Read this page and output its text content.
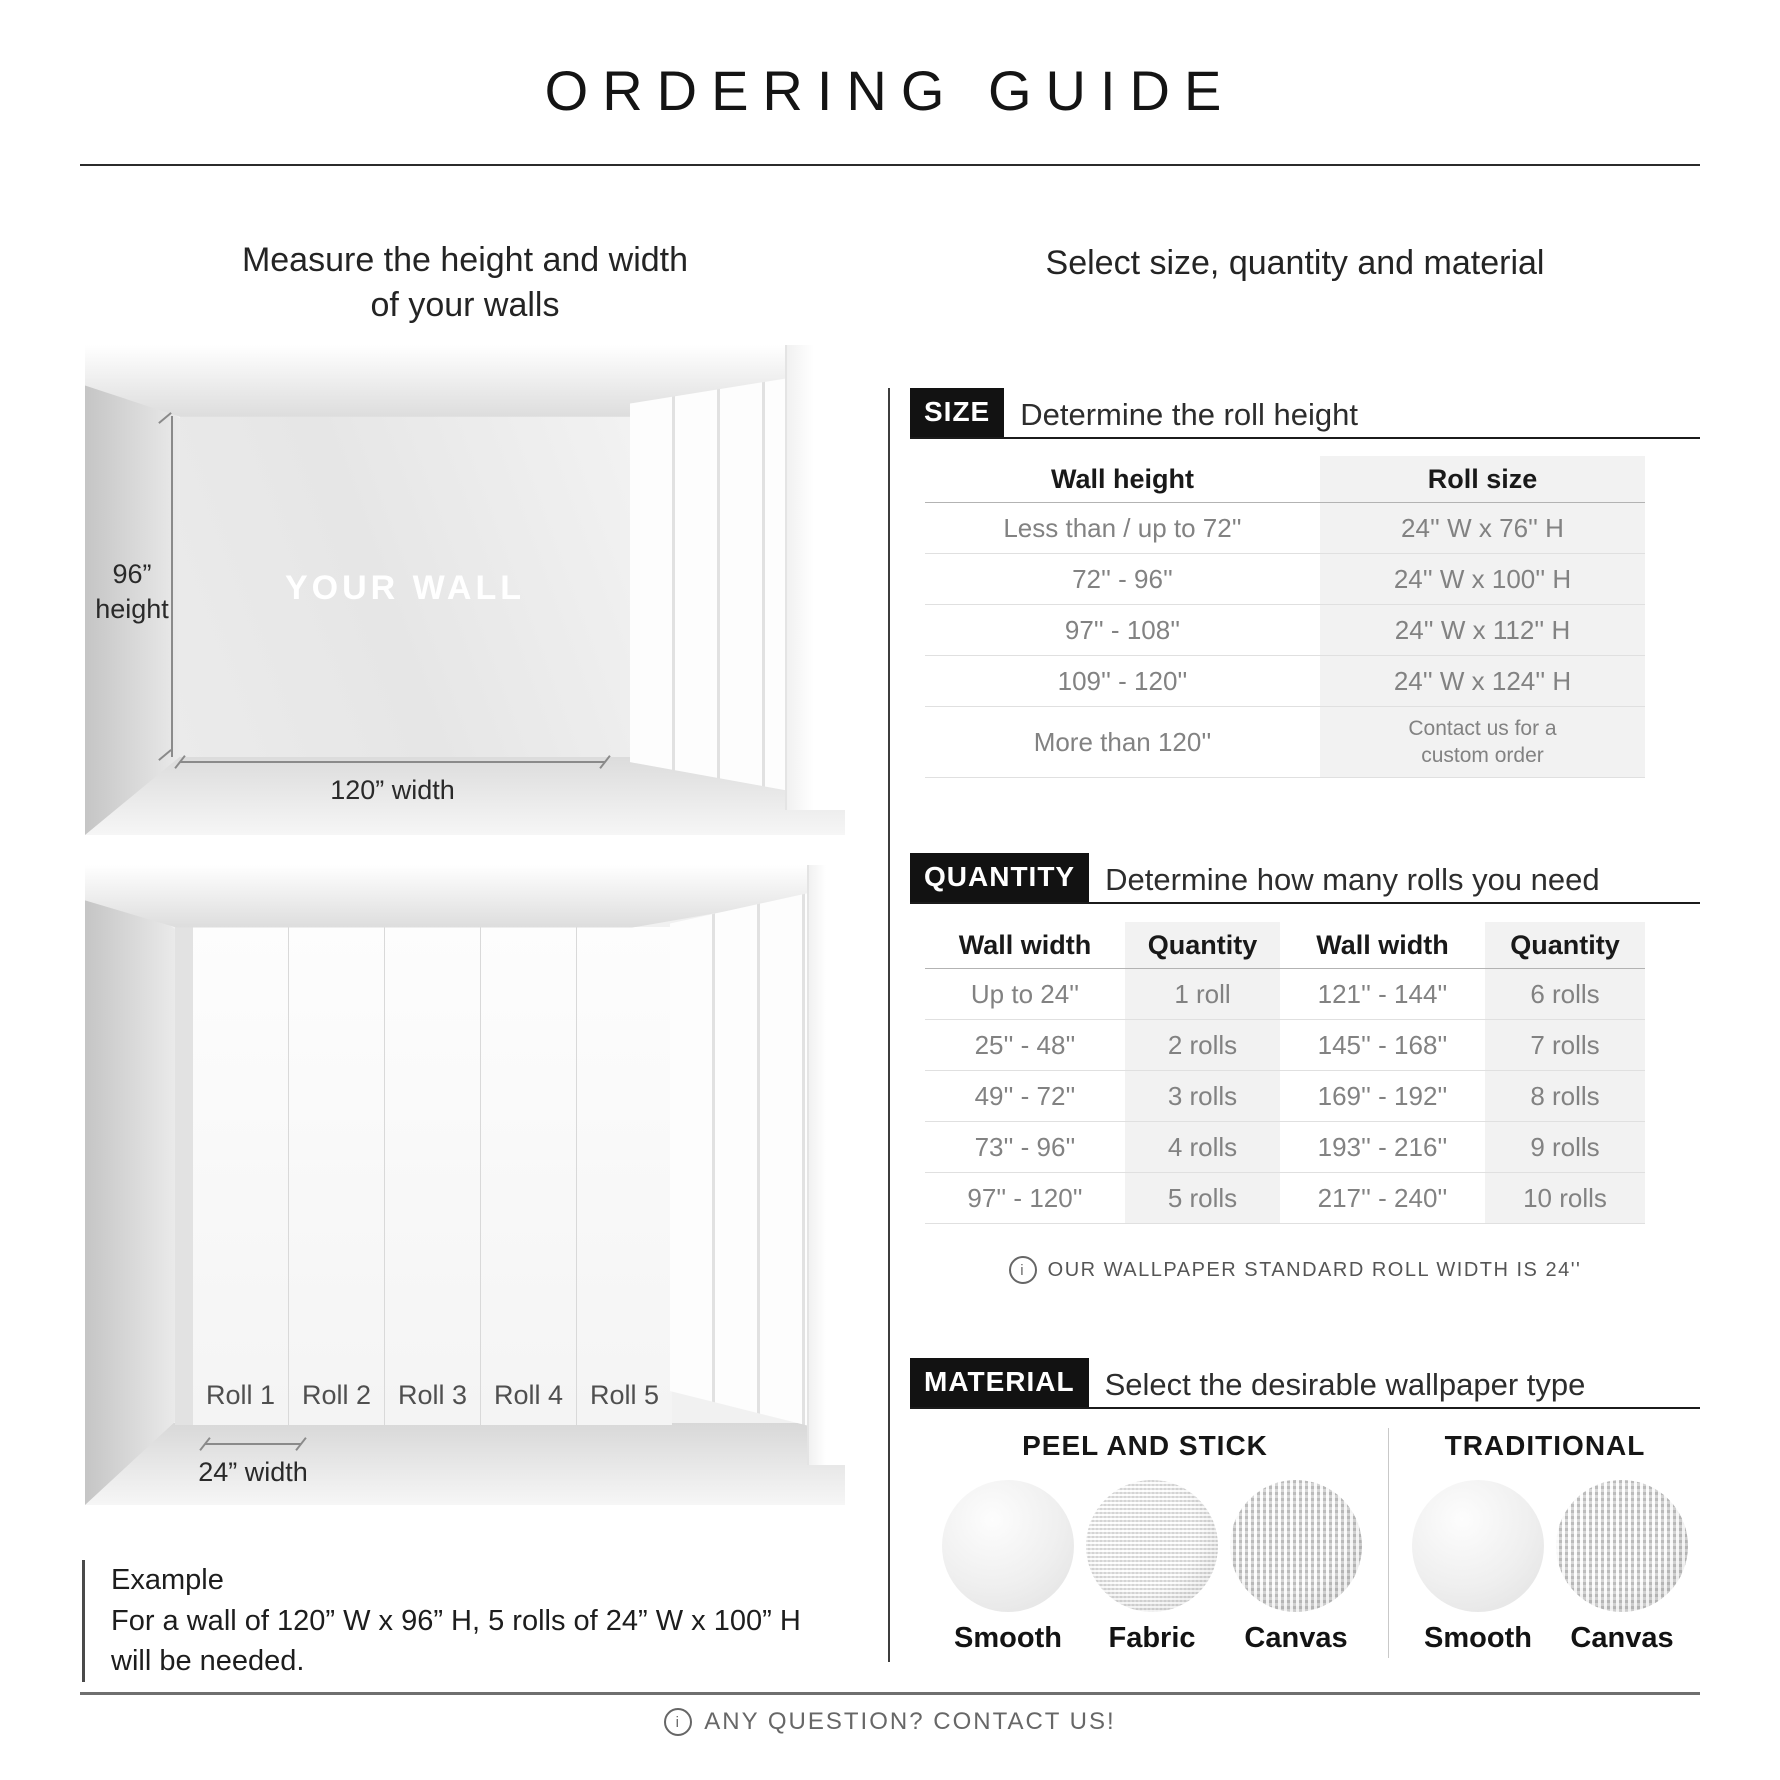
ORDERING GUIDE
Measure the height and width
of your walls
YOUR WALL
96”
height
120” width
Roll 1 Roll 2 Roll 3 Roll 4 Roll 5
24” width
Example
For a wall of 120” W x 96” H, 5 rolls of 24” W x 100” H
will be needed.
Select size, quantity and material
SIZE Determine the roll height
Wall height	Roll size
Less than / up to 72''	24'' W x 76'' H
72'' - 96''	24'' W x 100'' H
97'' - 108''	24'' W x 112'' H
109'' - 120''	24'' W x 124'' H
More than 120''	Contact us for a custom order
QUANTITY Determine how many rolls you need
Wall width	Quantity	Wall width	Quantity
Up to 24''	1 roll	121'' - 144''	6 rolls
25'' - 48''	2 rolls	145'' - 168''	7 rolls
49'' - 72''	3 rolls	169'' - 192''	8 rolls
73'' - 96''	4 rolls	193'' - 216''	9 rolls
97'' - 120''	5 rolls	217'' - 240''	10 rolls
i	OUR WALLPAPER STANDARD ROLL WIDTH IS 24''
MATERIAL Select the desirable wallpaper type
PEEL AND STICK	TRADITIONAL
Smooth	Fabric	Canvas	Smooth	Canvas
i ANY QUESTION? CONTACT US!
